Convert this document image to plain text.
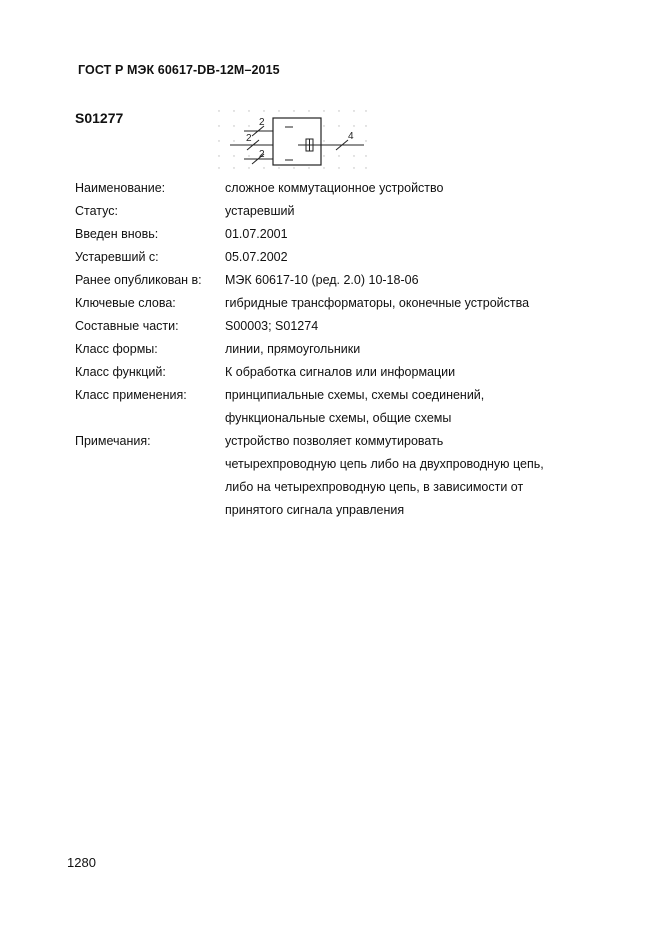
ГОСТ Р МЭК 60617-DB-12M–2015
S01277	2
2
2
4
Наименование:	сложное коммутационное устройство
Статус:	устаревший
Введен вновь:	01.07.2001
Устаревший с:	05.07.2002
Ранее опубликован в: МЭК 60617-10 (ред. 2.0) 10-18-06
Ключевые слова:	гибридные трансформаторы, оконечные устройства
Составные части:	S00003; S01274
Класс формы:	линии, прямоугольники
Класс функций:	К обработка сигналов или информации
Класс применения:	принципиальные схемы, схемы соединений,
функциональные схемы, общие схемы
Примечания:	устройство позволяет коммутировать
четырехпроводную цепь либо на двухпроводную цепь,
либо на четырехпроводную цепь, в зависимости от
принятого сигнала управления
1280
